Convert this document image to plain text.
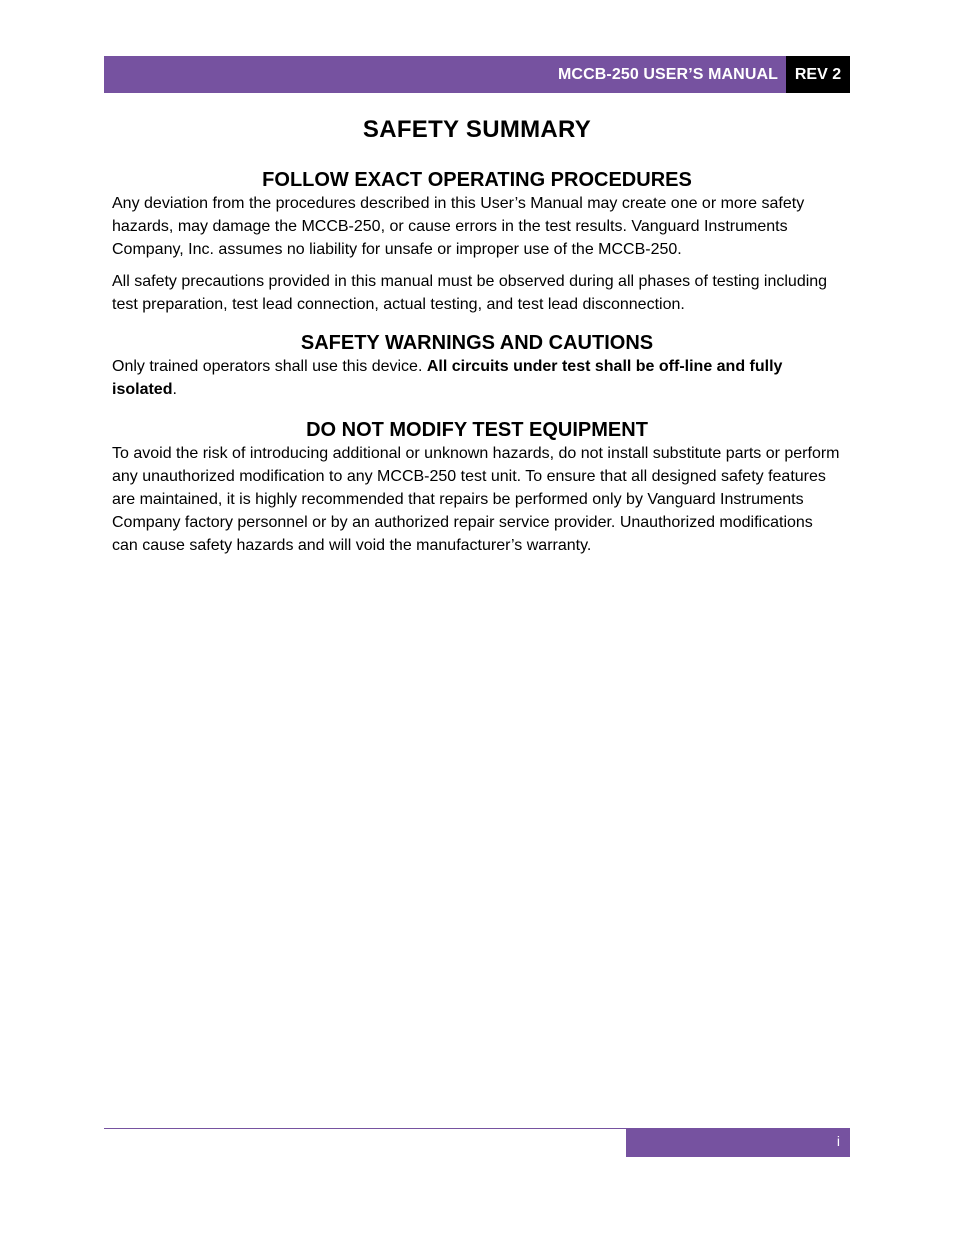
MCCB-250 USER’S MANUAL	REV 2
SAFETY SUMMARY
FOLLOW EXACT OPERATING PROCEDURES

Any deviation from the procedures described in this User’s Manual may create one or more safety hazards, may damage the MCCB-250, or cause errors in the test results. Vanguard Instruments Company, Inc. assumes no liability for unsafe or improper use of the MCCB-250.

All safety precautions provided in this manual must be observed during all phases of testing including test preparation, test lead connection, actual testing, and test lead disconnection.

SAFETY WARNINGS AND CAUTIONS

Only trained operators shall use this device. All circuits under test shall be off-line and fully isolated.

DO NOT MODIFY TEST EQUIPMENT

To avoid the risk of introducing additional or unknown hazards, do not install substitute parts or perform any unauthorized modification to any MCCB-250 test unit. To ensure that all designed safety features are maintained, it is highly recommended that repairs be performed only by Vanguard Instruments Company factory personnel or by an authorized repair service provider. Unauthorized modifications can cause safety hazards and will void the manufacturer’s warranty.

i
